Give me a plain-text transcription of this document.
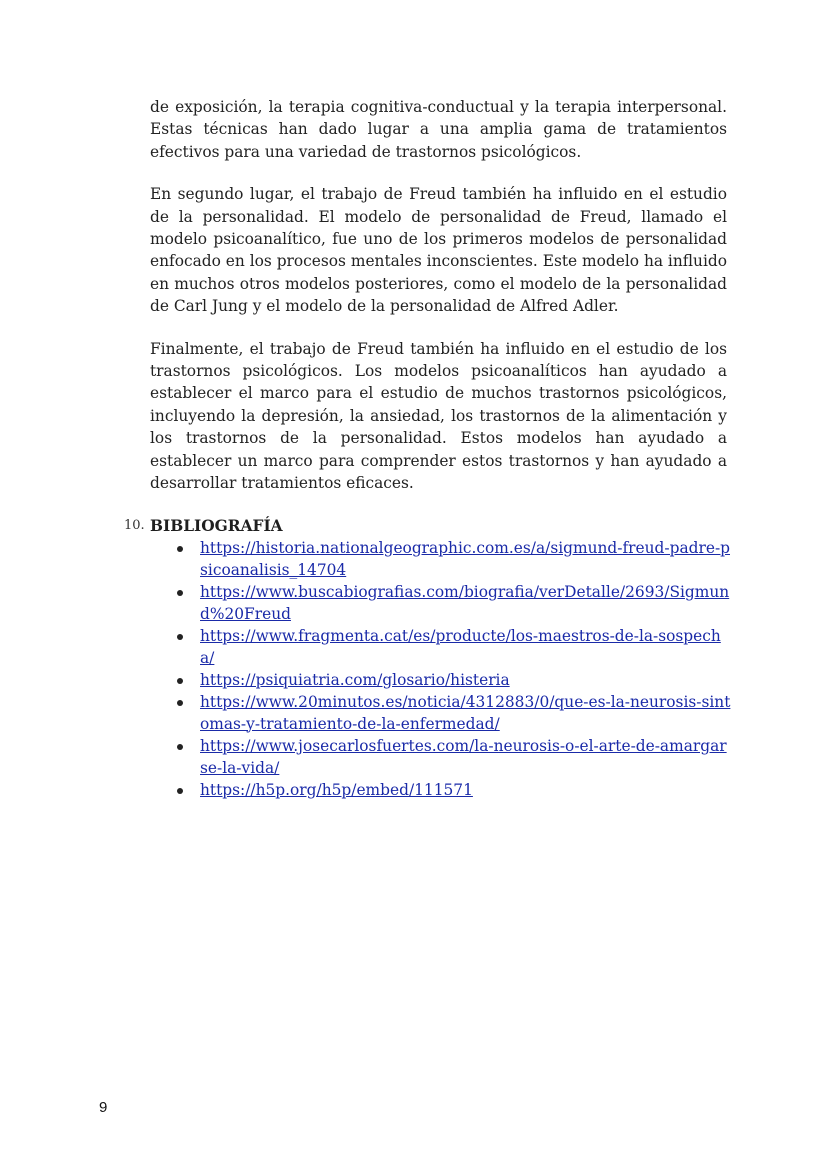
de exposición, la terapia cognitiva-conductual y la terapia interpersonal. Estas técnicas han dado lugar a una amplia gama de tratamientos efectivos para una variedad de trastornos psicológicos.

En segundo lugar, el trabajo de Freud también ha influido en el estudio de la personalidad. El modelo de personalidad de Freud, llamado el modelo psicoanalítico, fue uno de los primeros modelos de personalidad enfocado en los procesos mentales inconscientes. Este modelo ha influido en muchos otros modelos posteriores, como el modelo de la personalidad de Carl Jung y el modelo de la personalidad de Alfred Adler.

Finalmente, el trabajo de Freud también ha influido en el estudio de los trastornos psicológicos. Los modelos psicoanalíticos han ayudado a establecer el marco para el estudio de muchos trastornos psicológicos, incluyendo la depresión, la ansiedad, los trastornos de la alimentación y los trastornos de la personalidad. Estos modelos han ayudado a establecer un marco para comprender estos trastornos y han ayudado a desarrollar tratamientos eficaces.

10. BIBLIOGRAFÍA
https://historia.nationalgeographic.com.es/a/sigmund-freud-padre-psicoanalisis_14704
https://www.buscabiografias.com/biografia/verDetalle/2693/Sigmund%20Freud
https://www.fragmenta.cat/es/producte/los-maestros-de-la-sospecha/
https://psiquiatria.com/glosario/histeria
https://www.20minutos.es/noticia/4312883/0/que-es-la-neurosis-sintomas-y-tratamiento-de-la-enfermedad/
https://www.josecarlosfuertes.com/la-neurosis-o-el-arte-de-amargarse-la-vida/
https://h5p.org/h5p/embed/111571
9
